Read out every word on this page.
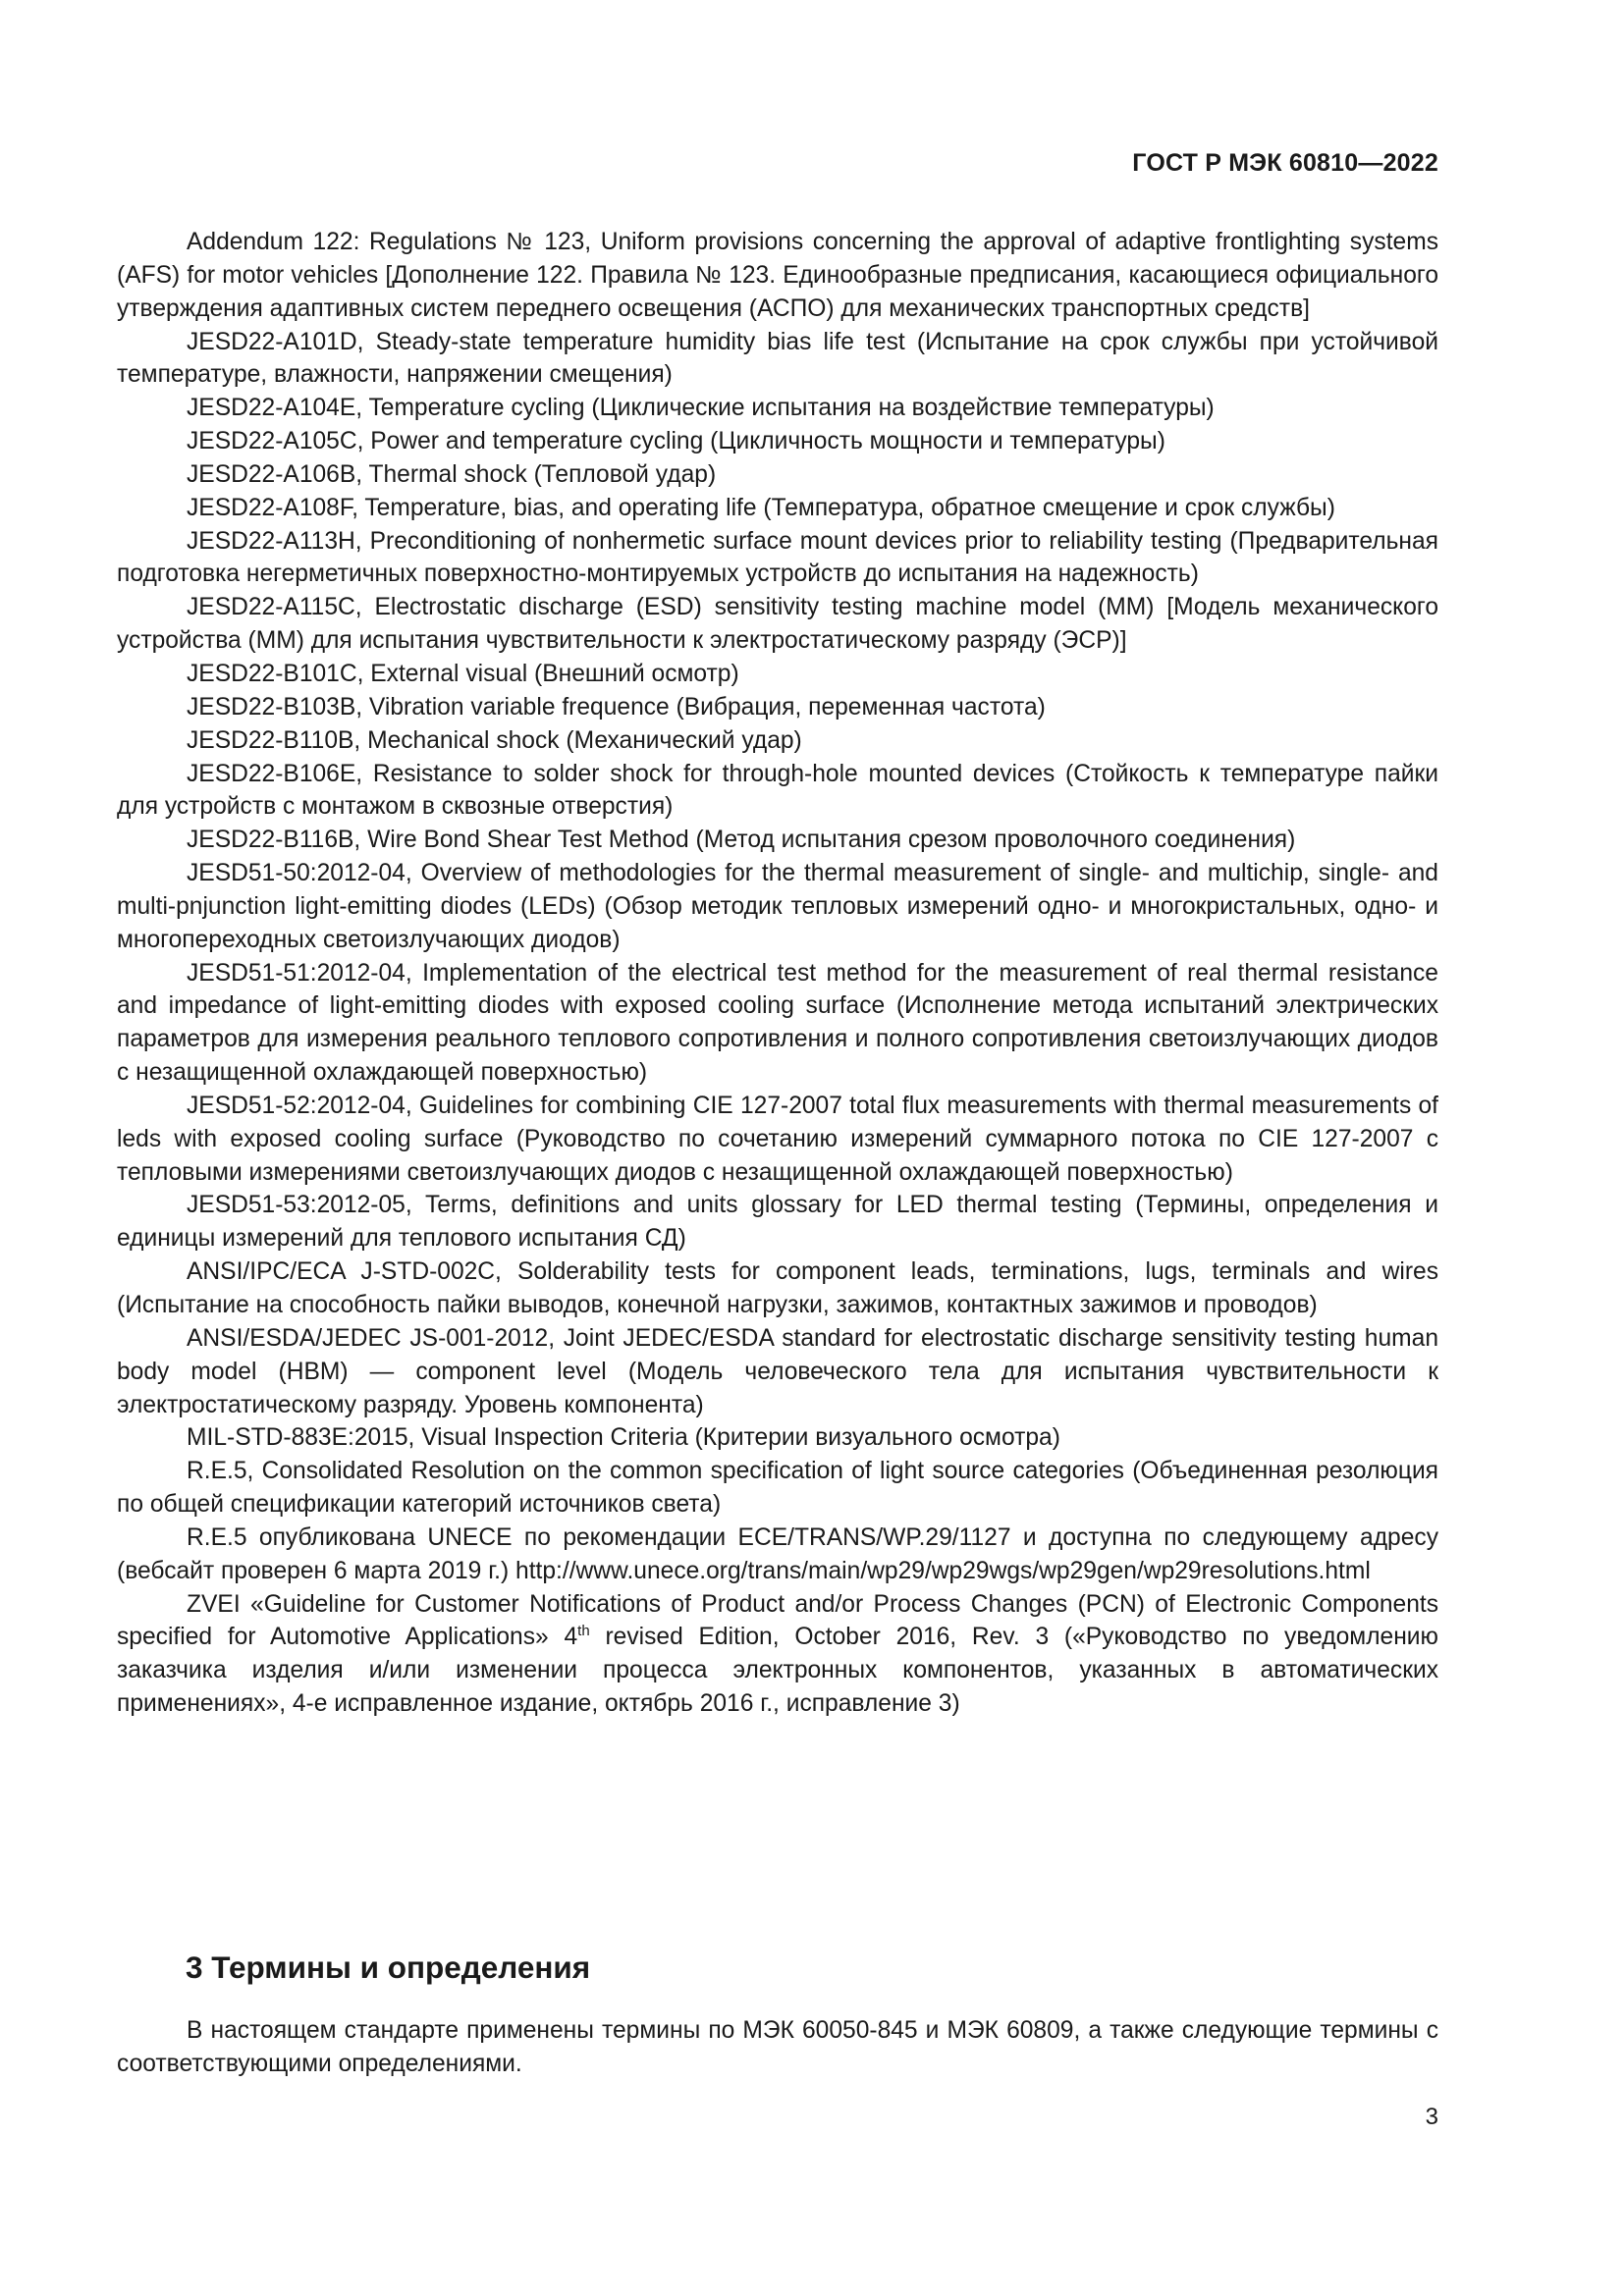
ГОСТ Р МЭК 60810—2022

Addendum 122: Regulations № 123, Uniform provisions concerning the approval of adaptive frontlighting systems (AFS) for motor vehicles [Дополнение 122. Правила № 123. Единообразные предписания, касающиеся официального утверждения адаптивных систем переднего освещения (АСПО) для механических транспортных средств]

JESD22-A101D, Steady-state temperature humidity bias life test (Испытание на срок службы при устойчивой температуре, влажности, напряжении смещения)

JESD22-A104E, Temperature cycling (Циклические испытания на воздействие температуры)

JESD22-A105C, Power and temperature cycling (Цикличность мощности и температуры)

JESD22-A106B, Thermal shock (Тепловой удар)

JESD22-A108F, Temperature, bias, and operating life (Температура, обратное смещение и срок службы)

JESD22-A113H, Preconditioning of nonhermetic surface mount devices prior to reliability testing (Предварительная подготовка негерметичных поверхностно-монтируемых устройств до испытания на надежность)

JESD22-A115C, Electrostatic discharge (ESD) sensitivity testing machine model (MM) [Модель механического устройства (ММ) для испытания чувствительности к электростатическому разряду (ЭСР)]

JESD22-B101C, External visual (Внешний осмотр)

JESD22-B103B, Vibration variable frequence (Вибрация, переменная частота)

JESD22-B110B, Mechanical shock (Механический удар)

JESD22-B106E, Resistance to solder shock for through-hole mounted devices (Стойкость к температуре пайки для устройств с монтажом в сквозные отверстия)

JESD22-B116B, Wire Bond Shear Test Method (Метод испытания срезом проволочного соединения)

JESD51-50:2012-04, Overview of methodologies for the thermal measurement of single- and multichip, single- and multi-pnjunction light-emitting diodes (LEDs) (Обзор методик тепловых измерений одно- и многокристальных, одно- и многопереходных светоизлучающих диодов)

JESD51-51:2012-04, Implementation of the electrical test method for the measurement of real thermal resistance and impedance of light-emitting diodes with exposed cooling surface (Исполнение метода испытаний электрических параметров для измерения реального теплового сопротивления и полного сопротивления светоизлучающих диодов с незащищенной охлаждающей поверхностью)

JESD51-52:2012-04, Guidelines for combining CIE 127-2007 total flux measurements with thermal measurements of leds with exposed cooling surface (Руководство по сочетанию измерений суммарного потока по CIE 127-2007 с тепловыми измерениями светоизлучающих диодов с незащищенной охлаждающей поверхностью)

JESD51-53:2012-05, Terms, definitions and units glossary for LED thermal testing (Термины, определения и единицы измерений для теплового испытания СД)

ANSI/IPC/ECA J-STD-002C, Solderability tests for component leads, terminations, lugs, terminals and wires (Испытание на способность пайки выводов, конечной нагрузки, зажимов, контактных зажимов и проводов)

ANSI/ESDA/JEDEC JS-001-2012, Joint JEDEC/ESDA standard for electrostatic discharge sensitivity testing human body model (HBM) — component level (Модель человеческого тела для испытания чувствительности к электростатическому разряду. Уровень компонента)

MIL-STD-883E:2015, Visual Inspection Criteria (Критерии визуального осмотра)

R.E.5, Consolidated Resolution on the common specification of light source categories (Объединенная резолюция по общей спецификации категорий источников света)

R.E.5 опубликована UNECE по рекомендации ECE/TRANS/WP.29/1127 и доступна по следующему адресу (вебсайт проверен 6 марта 2019 г.) http://www.unece.org/trans/main/wp29/wp29wgs/wp29gen/​wp29resolutions.html

ZVEI «Guideline for Customer Notifications of Product and/or Process Changes (PCN) of Electronic Components specified for Automotive Applications» 4th revised Edition, October 2016, Rev. 3 («Руководство по уведомлению заказчика изделия и/или изменении процесса электронных компонентов, указанных в автоматических применениях», 4-е исправленное издание, октябрь 2016 г., исправление 3)

3 Термины и определения

В настоящем стандарте применены термины по МЭК 60050-845 и МЭК 60809, а также следующие термины с соответствующими определениями.

3
